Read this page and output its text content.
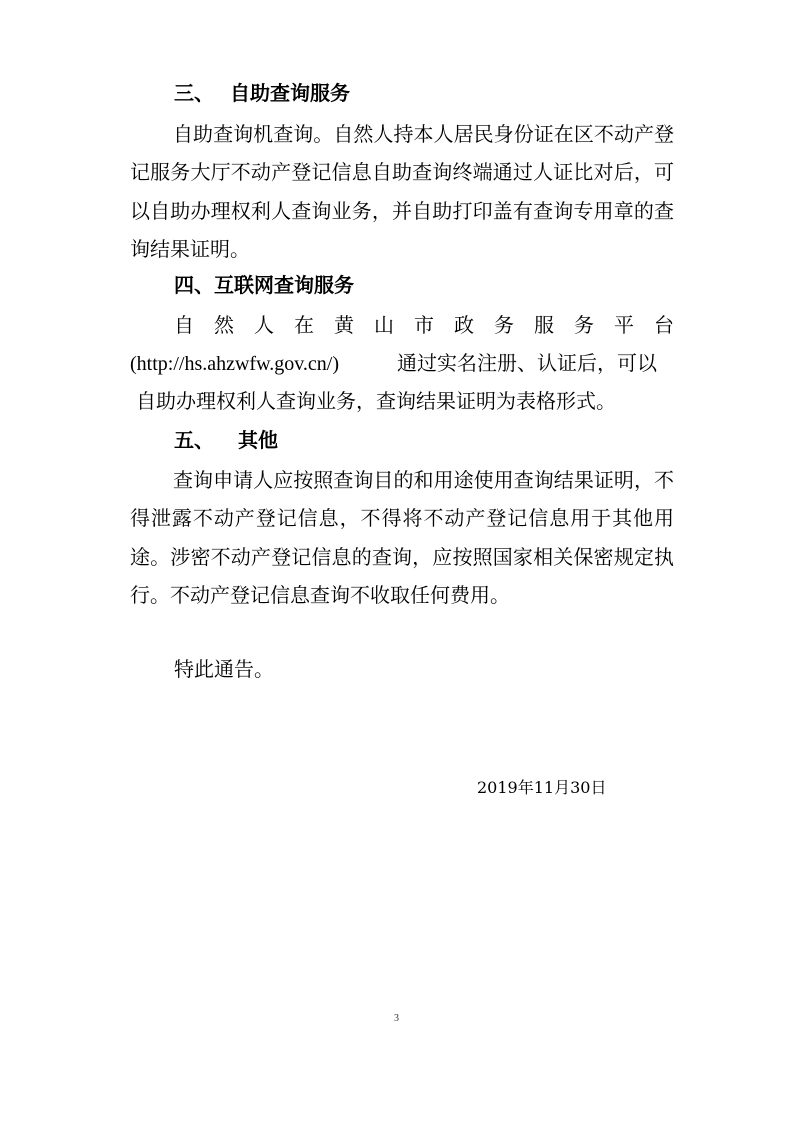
三、 自助查询服务
自助查询机查询。自然人持本人居民身份证在区不动产登记服务大厅不动产登记信息自助查询终端通过人证比对后，可以自助办理权利人查询业务，并自助打印盖有查询专用章的查询结果证明。
四、互联网查询服务
自 然 人 在 黄 山 市 政 务 服 务 平 台
(http://hs.ahzwfw.gov.cn/)	通过实名注册、认证后，可以
自助办理权利人查询业务，查询结果证明为表格形式。
五、 其他
查询申请人应按照查询目的和用途使用查询结果证明，不得泄露不动产登记信息，不得将不动产登记信息用于其他用途。涉密不动产登记信息的查询，应按照国家相关保密规定执行。不动产登记信息查询不收取任何费用。
特此通告。
2019年11月30日
3
